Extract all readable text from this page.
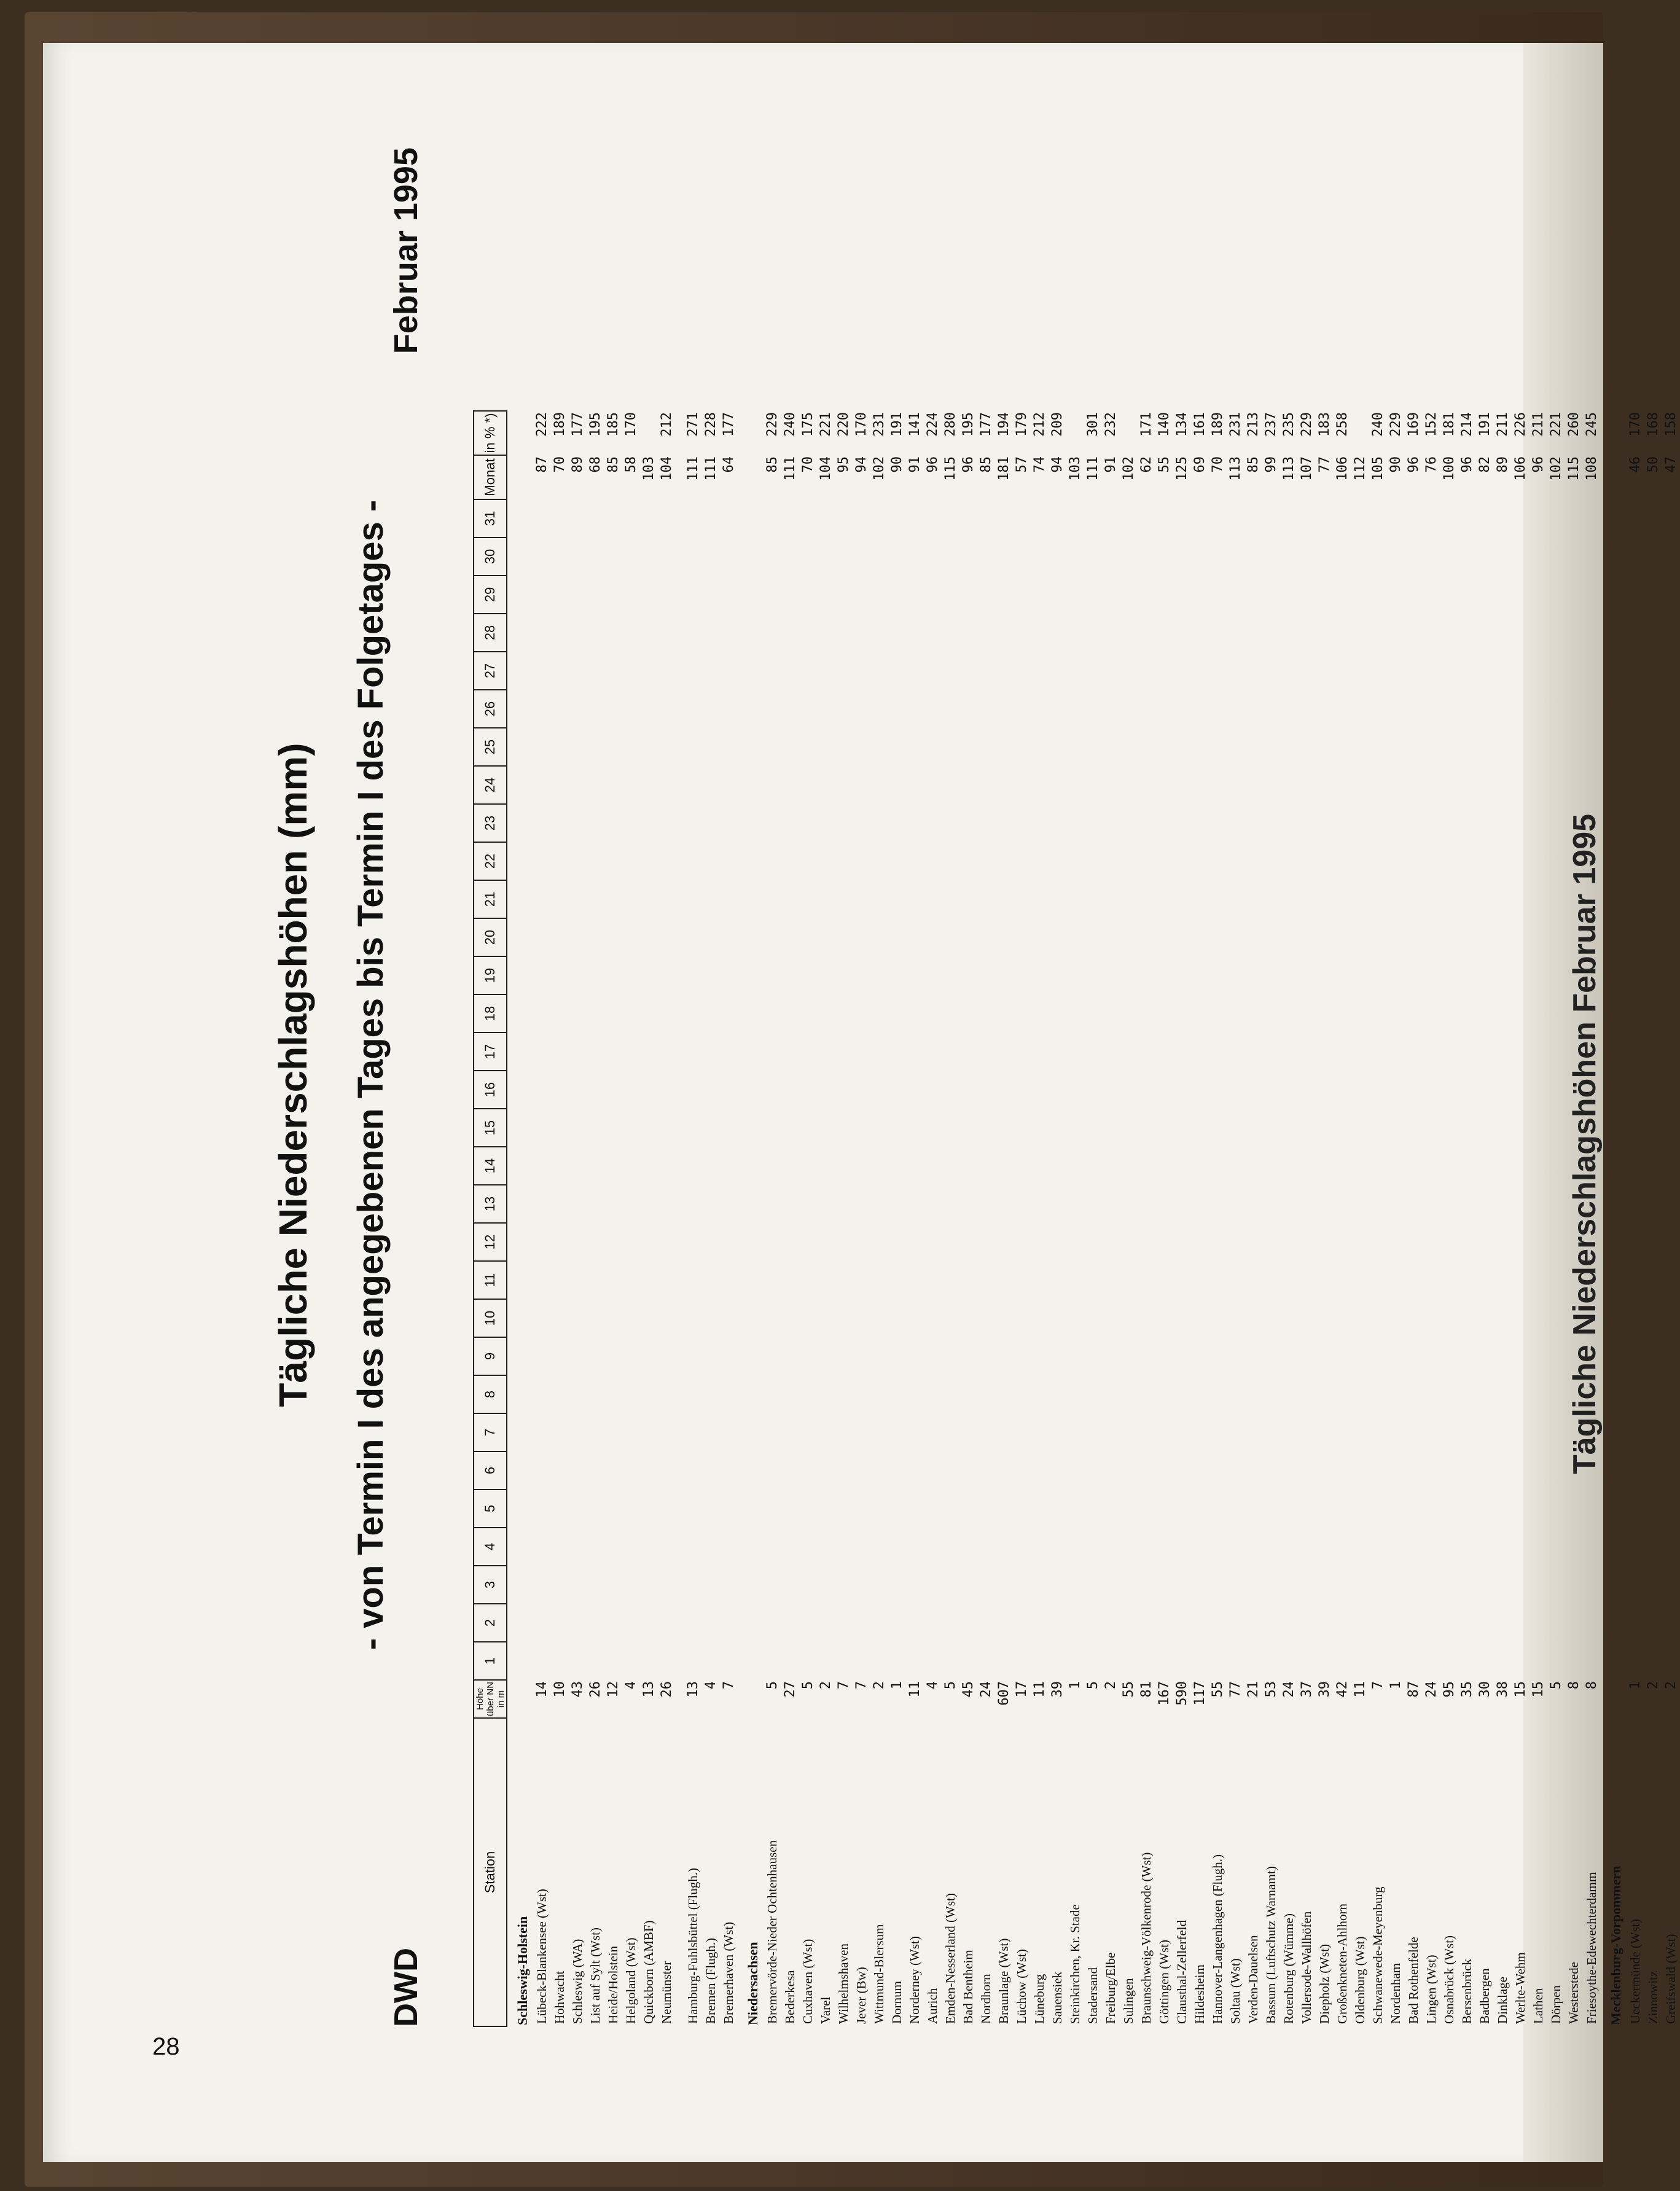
Tägliche Niederschlagshöhen Februar 1995
28
DWD
Tägliche Niederschlagshöhen (mm) - von Termin I des angegebenen Tages bis Termin I des Folgetages -
Februar 1995
Station	Höhe über NN in m	1	2	3	4	5	6	7	8	9	10	11	12	13	14	15	16	17	18	19	20	21	22	23	24	25	26	27	28	29	30	31	Monat	in % *)
Schleswig-Holstein																																		
Lübeck-Blankensee (Wst)	14																																87	222
Hohwacht	10																																70	189
Schleswig (WA)	43																																89	177
List auf Sylt (Wst)	26																																68	195
Heide/Holstein	12																																85	185
Helgoland (Wst)	4																																58	170
Quickborn (AMBF)	13																																103	
Neumünster	26																																104	212

Hamburg-Fuhlsbüttel (Flugh.)	13																																111	271
Bremen (Flugh.)	4																																111	228
Bremerhaven (Wst)	7																																64	177
Niedersachsen																																		
Bremervörde-Nieder Ochtenhausen	5																																85	229
Bederkesa	27																																111	240
Cuxhaven (Wst)	5																																70	175
Varel	2																																104	221
Wilhelmshaven	7																																95	220
Jever (Bw)	7																																94	170
Wittmund-Blersum	2																																102	231
Dornum	1																																90	191
Norderney (Wst)	11																																91	141
Aurich	4																																96	224
Emden-Nesserland (Wst)	5																																115	280
Bad Bentheim	45																																96	195
Nordhorn	24																																85	177
Braunlage (Wst)	607																																181	194
Lüchow (Wst)	17																																57	179
Lüneburg	11																																74	212
Sauensiek	39																																94	209
Steinkirchen, Kr. Stade	1																																103	
Stadersand	5																																111	301
Freiburg/Elbe	2																																91	232
Sulingen	55																																102	
Braunschweig-Völkenrode (Wst)	81																																62	171
Göttingen (Wst)	167																																55	140
Clausthal-Zellerfeld	590																																125	134
Hildesheim	117																																69	161
Hannover-Langenhagen (Flugh.)	55																																70	189
Soltau (Wst)	77																																113	231
Verden-Dauelsen	21																																85	213
Bassum (Luftschutz Warnamt)	53																																99	237
Rotenburg (Wümme)	24																																113	235
Vollersode-Wallhöfen	37																																107	229
Diepholz (Wst)	39																																77	183
Großenkneten-Ahlhorn	42																																106	258
Oldenburg (Wst)	11																																112	
Schwanewede-Meyenburg	7																																105	240
Nordenham	1																																90	229
Bad Rothenfelde	87																																96	169
Lingen (Wst)	24																																76	152
Osnabrück (Wst)	95																																100	181
Bersenbrück	35																																96	214
Badbergen	30																																82	191
Dinklage	38																																89	211
Werlte-Wehm	15																																106	226
Lathen	15																																96	211
Dörpen	5																																102	221
Westerstede	8																																115	260
Friesoythe-Edewechterdamm	8																																108	245
Mecklenburg-Vorpommern																																		
Ueckermünde (Wst)	1																																46	170
Zinnowitz	2																																50	168
Greifswald (Wst)	2																																47	158
